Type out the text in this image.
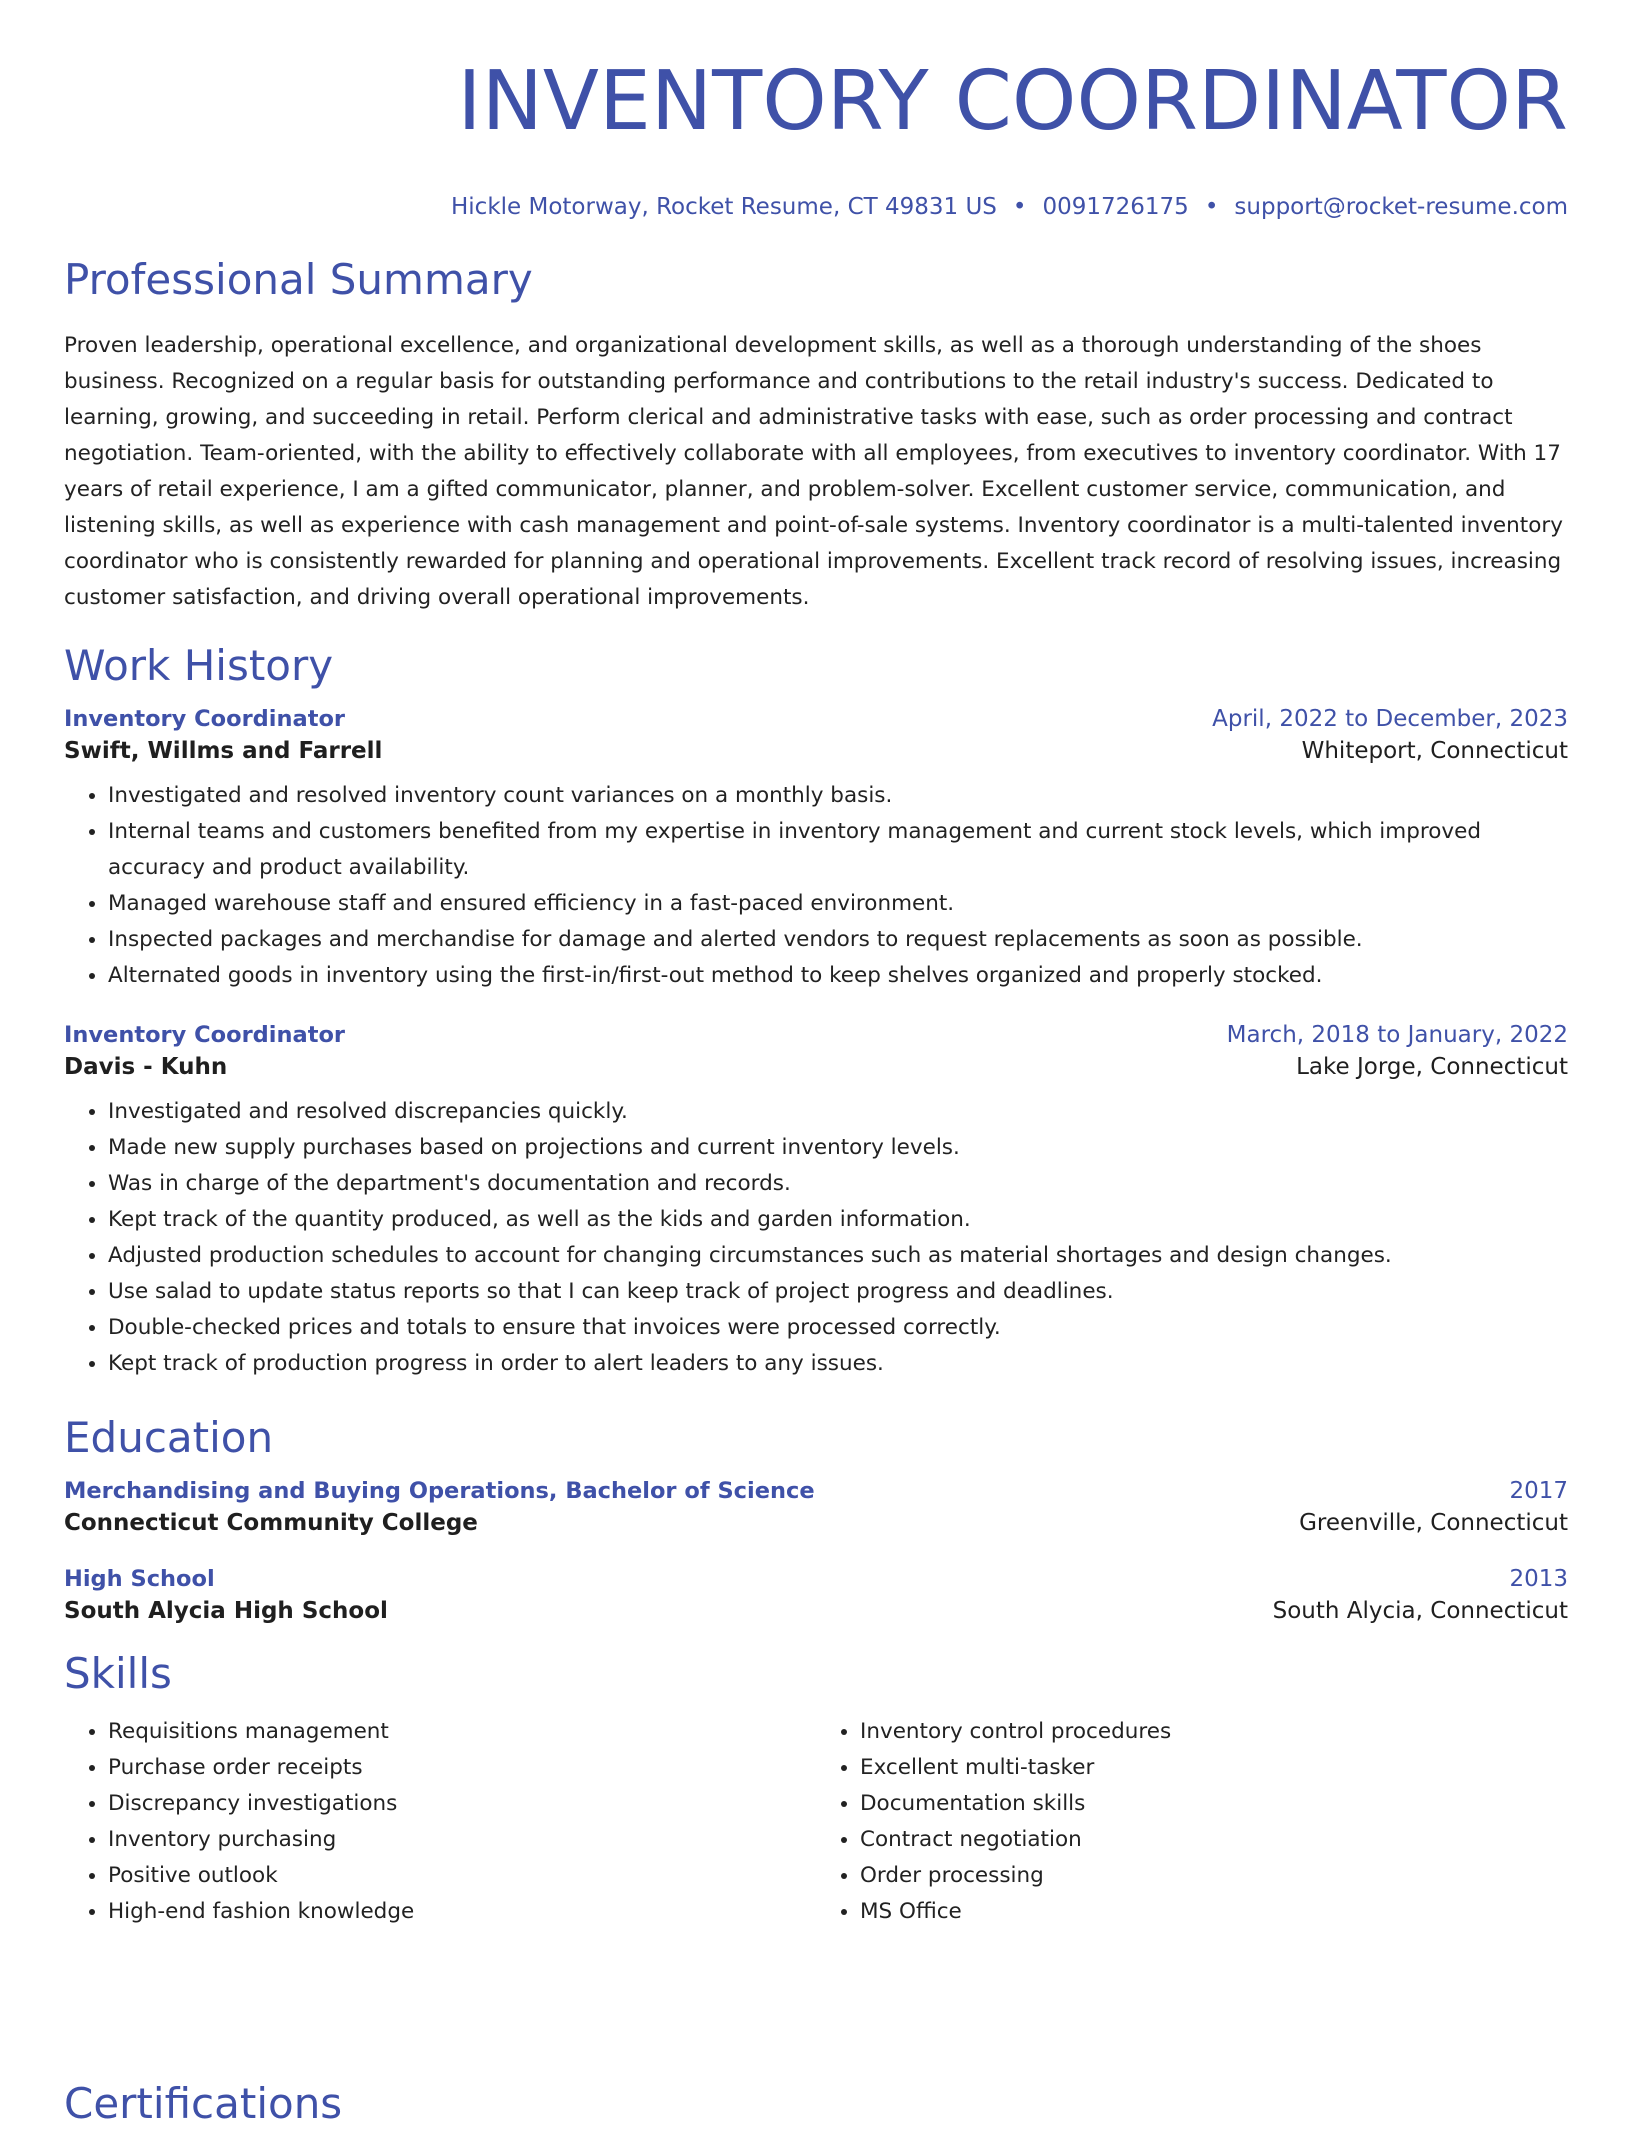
INVENTORY COORDINATOR
Hickle Motorway, Rocket Resume, CT 49831 US • 0091726175 • support@rocket-resume.com
Professional Summary

Proven leadership, operational excellence, and organizational development skills, as well as a thorough understanding of the shoes business. Recognized on a regular basis for outstanding performance and contributions to the retail industry's success. Dedicated to learning, growing, and succeeding in retail. Perform clerical and administrative tasks with ease, such as order processing and contract negotiation. Team-oriented, with the ability to effectively collaborate with all employees, from executives to inventory coordinator. With 17 years of retail experience, I am a gifted communicator, planner, and problem-solver. Excellent customer service, communication, and listening skills, as well as experience with cash management and point-of-sale systems. Inventory coordinator is a multi-talented inventory coordinator who is consistently rewarded for planning and operational improvements. Excellent track record of resolving issues, increasing customer satisfaction, and driving overall operational improvements.

Work History
Inventory Coordinator	April, 2022 to December, 2023
Swift, Willms and Farrell	Whiteport, Connecticut
• Investigated and resolved inventory count variances on a monthly basis.
• Internal teams and customers benefited from my expertise in inventory management and current stock levels, which improved accuracy and product availability.
• Managed warehouse staff and ensured efficiency in a fast-paced environment.
• Inspected packages and merchandise for damage and alerted vendors to request replacements as soon as possible.
• Alternated goods in inventory using the first-in/first-out method to keep shelves organized and properly stocked.
Inventory Coordinator	March, 2018 to January, 2022
Davis - Kuhn	Lake Jorge, Connecticut
• Investigated and resolved discrepancies quickly.
• Made new supply purchases based on projections and current inventory levels.
• Was in charge of the department's documentation and records.
• Kept track of the quantity produced, as well as the kids and garden information.
• Adjusted production schedules to account for changing circumstances such as material shortages and design changes.
• Use salad to update status reports so that I can keep track of project progress and deadlines.
• Double-checked prices and totals to ensure that invoices were processed correctly.
• Kept track of production progress in order to alert leaders to any issues.
Education
Merchandising and Buying Operations, Bachelor of Science	2017
Connecticut Community College	Greenville, Connecticut
High School	2013
South Alycia High School	South Alycia, Connecticut
Skills
• Requisitions management
• Purchase order receipts
• Discrepancy investigations
• Inventory purchasing
• Positive outlook
• High-end fashion knowledge
• Inventory control procedures
• Excellent multi-tasker
• Documentation skills
• Contract negotiation
• Order processing
• MS Office
Certifications
